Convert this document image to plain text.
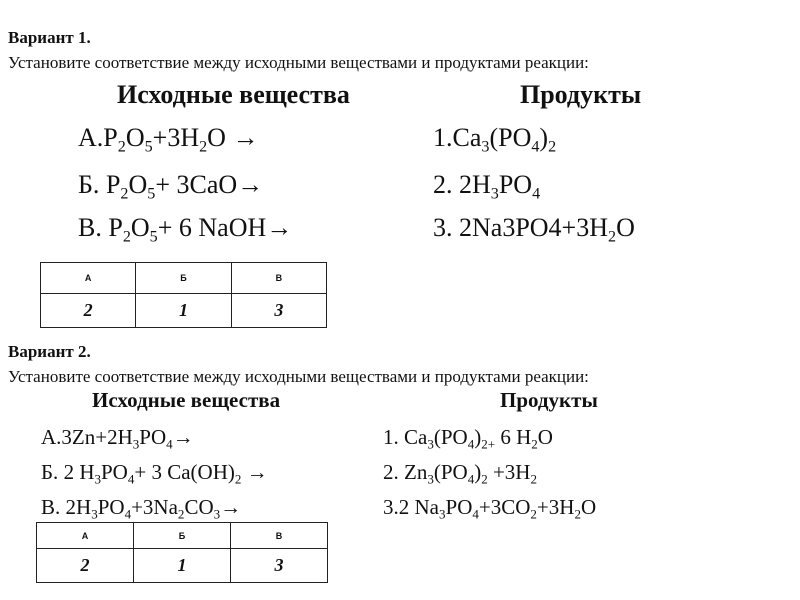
Вариант 1.
Установите соответствие между исходными веществами и продуктами реакции:
Исходные вещества	Продукты
$А.P_2O_5+3H_2O$ →
Б. $P_2O_5+ 3CaO\to$
В. $P_2O_5+ 6$ NaOH→
$1.Ca_3(PO_4)_2$
2. $2H_3PO_4$
3. $2Na3PO4+3H_2O$
А	Б	В
2	1	3
Вариант 2.
Установите соответствие между исходными веществами и продуктами реакции:
Исходные вещества	Продукты
$А.3Zn+2H_3PO_4\to$
Б. 2 $H_3PO_4+ 3$ $Ca(OH)_2$ →
В. $2H_3PO_4+3Na_2CO_3\to$
1. $Ca_3(PO_4)_{2+}$ 6 $H_2O$
2. $Zn_3(PO_4)_2 +3H_2$
3.2 $Na_3PO_4+3CO_2+3H_2O$
А	Б	В
2	1	3
